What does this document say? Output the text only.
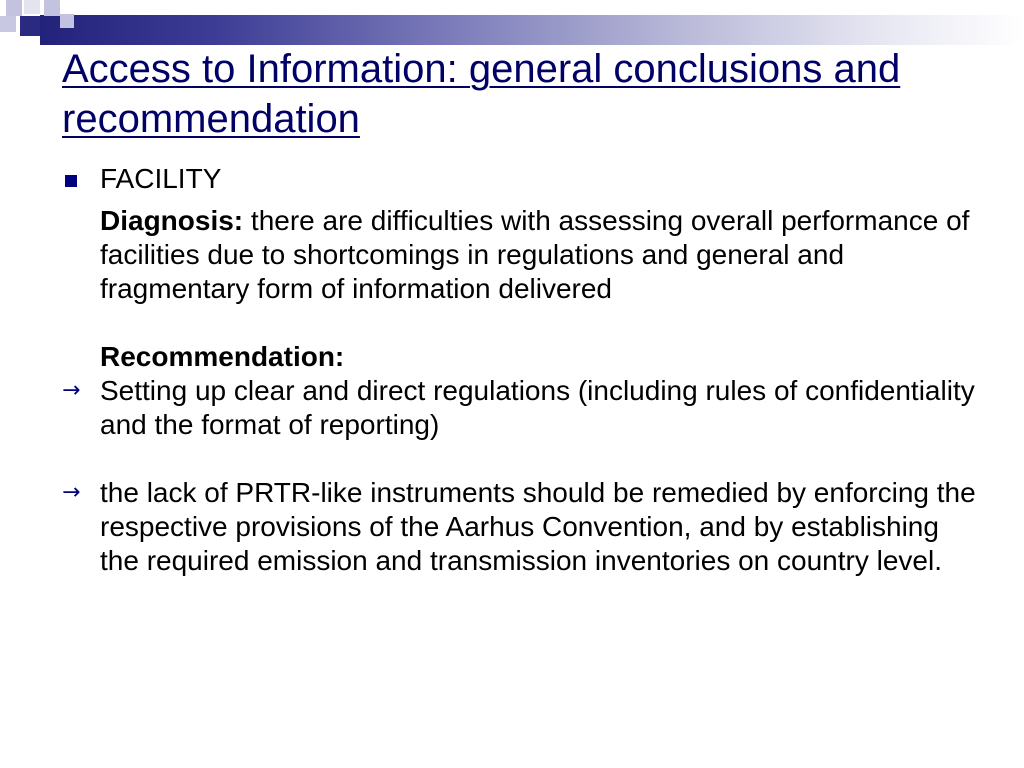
Access to Information: general conclusions and recommendation
FACILITY
Diagnosis: there are difficulties with assessing overall performance of facilities due to shortcomings in regulations and general and fragmentary form of information delivered
Recommendation:
→ Setting up clear and direct regulations (including rules of confidentiality and the format of reporting)
→ the lack of PRTR-like instruments should be remedied by enforcing the respective provisions of the Aarhus Convention, and by establishing the required emission and transmission inventories on country level.
